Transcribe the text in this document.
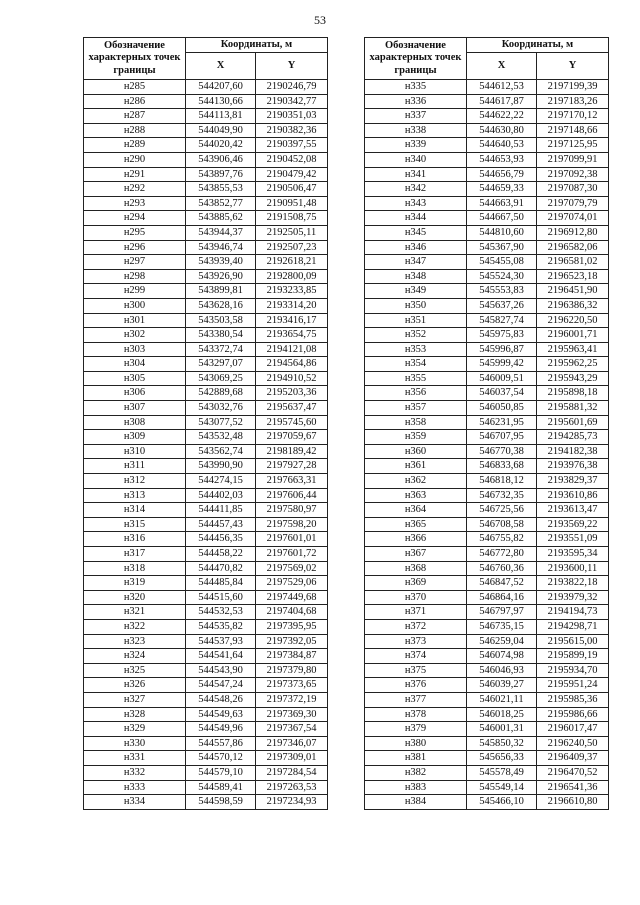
53
Обозначение характерных точек границы	Координаты, м	
	X	Y
н285	544207,60	2190246,79
н286	544130,66	2190342,77
н287	544113,81	2190351,03
н288	544049,90	2190382,36
н289	544020,42	2190397,55
н290	543906,46	2190452,08
н291	543897,76	2190479,42
н292	543855,53	2190506,47
н293	543852,77	2190951,48
н294	543885,62	2191508,75
н295	543944,37	2192505,11
н296	543946,74	2192507,23
н297	543939,40	2192618,21
н298	543926,90	2192800,09
н299	543899,81	2193233,85
н300	543628,16	2193314,20
н301	543503,58	2193416,17
н302	543380,54	2193654,75
н303	543372,74	2194121,08
н304	543297,07	2194564,86
н305	543069,25	2194910,52
н306	542889,68	2195203,36
н307	543032,76	2195637,47
н308	543077,52	2195745,60
н309	543532,48	2197059,67
н310	543562,74	2198189,42
н311	543990,90	2197927,28
н312	544274,15	2197663,31
н313	544402,03	2197606,44
н314	544411,85	2197580,97
н315	544457,43	2197598,20
н316	544456,35	2197601,01
н317	544458,22	2197601,72
н318	544470,82	2197569,02
н319	544485,84	2197529,06
н320	544515,60	2197449,68
н321	544532,53	2197404,68
н322	544535,82	2197395,95
н323	544537,93	2197392,05
н324	544541,64	2197384,87
н325	544543,90	2197379,80
н326	544547,24	2197373,65
н327	544548,26	2197372,19
н328	544549,63	2197369,30
н329	544549,96	2197367,54
н330	544557,86	2197346,07
н331	544570,12	2197309,01
н332	544579,10	2197284,54
н333	544589,41	2197263,53
н334	544598,59	2197234,93
Обозначение характерных точек границы	Координаты, м	
	X	Y
н335	544612,53	2197199,39
н336	544617,87	2197183,26
н337	544622,22	2197170,12
н338	544630,80	2197148,66
н339	544640,53	2197125,95
н340	544653,93	2197099,91
н341	544656,79	2197092,38
н342	544659,33	2197087,30
н343	544663,91	2197079,79
н344	544667,50	2197074,01
н345	544810,60	2196912,80
н346	545367,90	2196582,06
н347	545455,08	2196581,02
н348	545524,30	2196523,18
н349	545553,83	2196451,90
н350	545637,26	2196386,32
н351	545827,74	2196220,50
н352	545975,83	2196001,71
н353	545996,87	2195963,41
н354	545999,42	2195962,25
н355	546009,51	2195943,29
н356	546037,54	2195898,18
н357	546050,85	2195881,32
н358	546231,95	2195601,69
н359	546707,95	2194285,73
н360	546770,38	2194182,38
н361	546833,68	2193976,38
н362	546818,12	2193829,37
н363	546732,35	2193610,86
н364	546725,56	2193613,47
н365	546708,58	2193569,22
н366	546755,82	2193551,09
н367	546772,80	2193595,34
н368	546760,36	2193600,11
н369	546847,52	2193822,18
н370	546864,16	2193979,32
н371	546797,97	2194194,73
н372	546735,15	2194298,71
н373	546259,04	2195615,00
н374	546074,98	2195899,19
н375	546046,93	2195934,70
н376	546039,27	2195951,24
н377	546021,11	2195985,36
н378	546018,25	2195986,66
н379	546001,31	2196017,47
н380	545850,32	2196240,50
н381	545656,33	2196409,37
н382	545578,49	2196470,52
н383	545549,14	2196541,36
н384	545466,10	2196610,80
